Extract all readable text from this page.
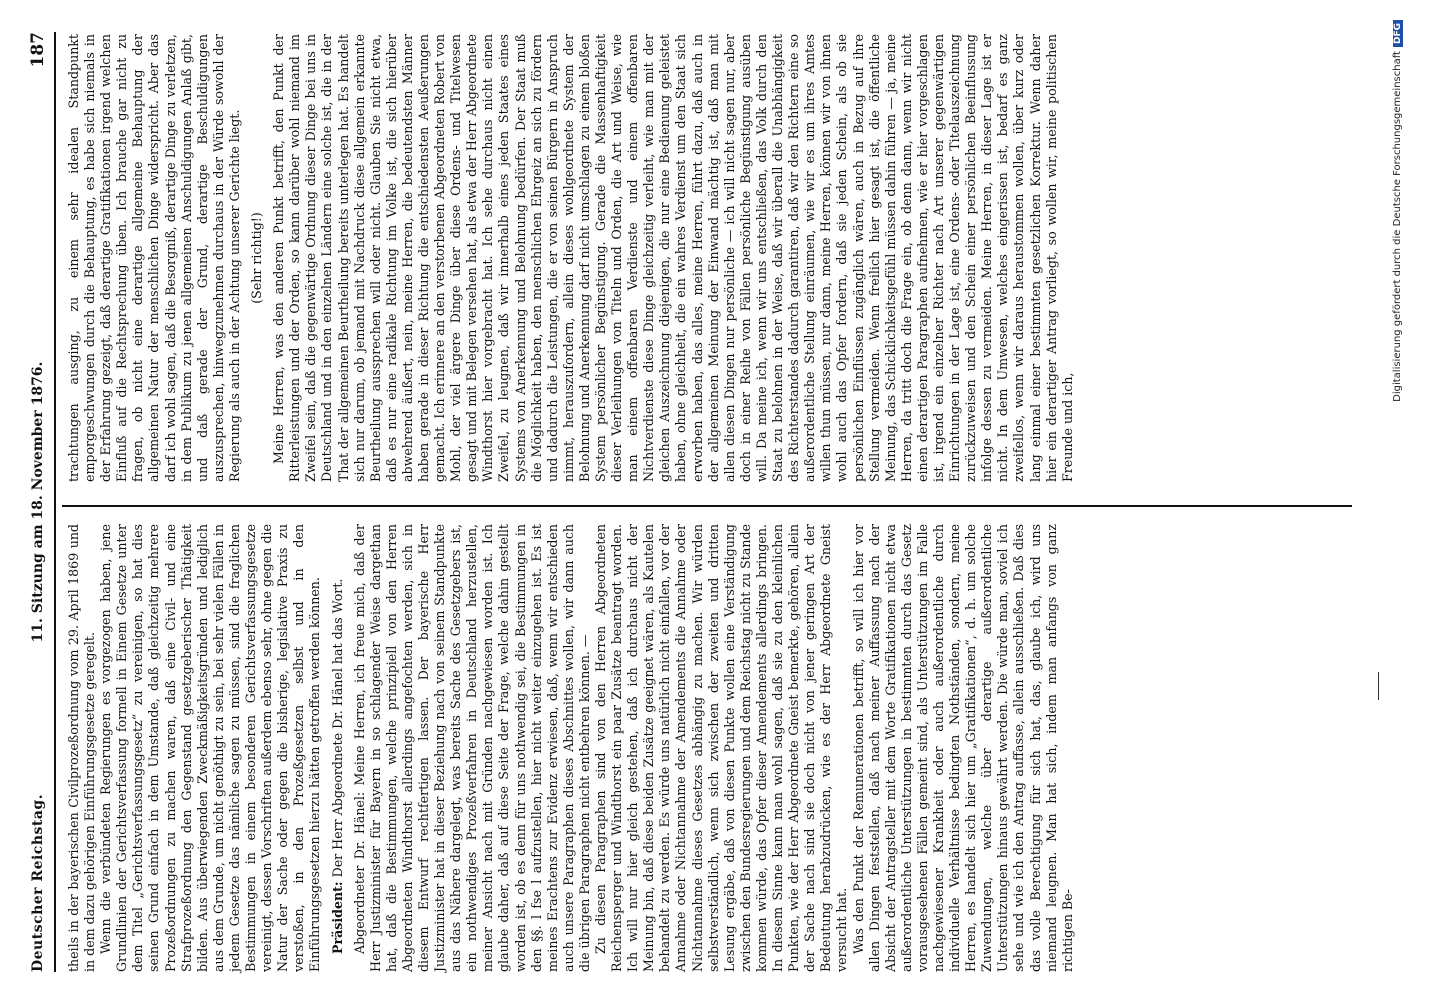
Deutscher Reichstag.
11. Sitzung am 18. November 1876.
187

theils in der bayerischen Civilprozeßordnung vom 29. April 1869 und in dem dazu gehörigen Einführungsgesetze geregelt. Wenn die verbündeten Regierungen es vorgezogen haben, jene Grundlinien der Gerichtsverfassung formell in Einem Gesetze unter dem Titel „Gerichtsverfassungsgesetz“ zu vereinigen, so hat dies seinen Grund einfach in dem Umstande, daß gleichzeitig mehrere Prozeßordnungen zu machen waren, daß eine Civil- und eine Strafprozeßordnung den Gegenstand gesetzgeberischer Thätigkeit bilden. Aus überwiegenden Zweckmäßigkeitsgründen und lediglich aus dem Grunde, um nicht genöthigt zu sein, bei sehr vielen Fällen in jedem Gesetze das nämliche sagen zu müssen, sind die fraglichen Bestimmungen in einem besonderen Gerichtsverfassungsgesetze vereinigt, dessen Vorschriften außerdem ebenso sehr, ohne gegen die Natur der Sache oder gegen die bisherige, legislative Praxis zu verstoßen, in den Prozeßgesetzen selbst und in den Einführungsgesetzen hierzu hätten getroffen werden können. Präsident: Der Herr Abgeordnete Dr. Hänel hat das Wort. Abgeordneter Dr. Hänel: Meine Herren, ich freue mich, daß der Herr Justizminister für Bayern in so schlagender Weise dargethan hat, daß die Bestimmungen, welche prinzipiell von den Herren Abgeordneten Windthorst allerdings angefochten werden, sich in diesem Entwurf rechtfertigen lassen. Der bayerische Herr Justizminister hat in dieser Beziehung nach von seinem Standpunkte aus das Nähere dargelegt, was bereits Sache des Gesetzgebers ist, ein nothwendiges Prozeßverfahren in Deutschland herzustellen, meiner Ansicht nach mit Gründen nachgewiesen worden ist. Ich glaube daher, daß auf diese Seite der Frage, welche dahin gestellt worden ist, ob es denn für uns nothwendig sei, die Bestimmungen in den §§. l fse l aufzustellen, hier nicht weiter einzugehen ist. Es ist meines Erachtens zur Evidenz erwiesen, daß, wenn wir entschieden auch unsere Paragraphen dieses Abschnittes wollen, wir dann auch die übrigen Paragraphen nicht entbehren können. — Zu diesen Paragraphen sind von den Herren Abgeordneten Reichensperger und Windthorst ein paar Zusätze beantragt worden. Ich will nur hier gleich gestehen, daß ich durchaus nicht der Meinung bin, daß diese beiden Zusätze geeignet wären, als Kautelen behandelt zu werden. Es würde uns natürlich nicht einfallen, vor der Annahme oder Nichtannahme der Amendements die Annahme oder Nichtannahme dieses Gesetzes abhängig zu machen. Wir würden selbstverständlich, wenn sich zwischen der zweiten und dritten Lesung ergäbe, daß von diesen Punkte wollen eine Verständigung zwischen den Bundesregierungen und dem Reichstag nicht zu Stande kommen würde, das Opfer dieser Amendements allerdings bringen. In diesem Sinne kann man wohl sagen, daß sie zu den kleinlichen Punkten, wie der Herr Abgeordnete Gneist bemerkte, gehören, allein der Sache nach sind sie doch nicht von jener geringen Art der Bedeutung herabzudrücken, wie es der Herr Abgeordnete Gneist versucht hat. Was den Punkt der Remunerationen betrifft, so will ich hier vor allen Dingen feststellen, daß nach meiner Auffassung nach der Absicht der Antragsteller mit dem Worte Gratifikationen nicht etwa außerordentliche Unterstützungen in bestimmten durch das Gesetz vorausgesehenen Fällen gemeint sind, als Unterstützungen im Falle nachgewiesener Krankheit oder auch außerordentliche durch individuelle Verhältnisse bedingten Nothständen, sondern, meine Herren, es handelt sich hier um „Gratifikationen“, d. h. um solche Zuwendungen, welche über derartige außerordentliche Unterstützungen hinaus gewährt werden. Die würde man, soviel ich sehe und wie ich den Antrag auffasse, allein ausschließen. Daß dies das volle Berechtigung für sich hat, das, glaube ich, wird uns niemand leugnen. Man hat sich, indem man anfangs von ganz richtigen Be-

trachtungen ausging, zu einem sehr idealen Standpunkt emporgeschwungen durch die Behauptung, es habe sich niemals in der Erfahrung gezeigt, daß derartige Gratifikationen irgend welchen Einfluß auf die Rechtsprechung üben. Ich brauche gar nicht zu fragen, ob nicht eine derartige allgemeine Behauptung der allgemeinen Natur der menschlichen Dinge widerspricht. Aber das darf ich wohl sagen, daß die Besorgniß, derartige Dinge zu verletzen, in dem Publikum zu jenen allgemeinen Anschuldigungen Anlaß gibt, und daß gerade der Grund, derartige Beschuldigungen auszusprechen, hinwegzunehmen durchaus in der Würde sowohl der Regierung als auch in der Achtung unserer Gerichte liegt. (Sehr richtig!) Meine Herren, was den anderen Punkt betrifft, den Punkt der Ritterleistungen und der Orden, so kann darüber wohl niemand im Zweifel sein, daß die gegenwärtige Ordnung dieser Dinge bei uns in Deutschland und in den einzelnen Ländern eine solche ist, die in der That der allgemeinen Beurtheilung bereits unterlegen hat. Es handelt sich nur darum, ob jemand mit Nachdruck diese allgemein erkannte Beurtheilung aussprechen will oder nicht. Glauben Sie nicht etwa, daß es nur eine radikale Richtung im Volke ist, die sich hierüber abwehrend äußert, nein, meine Herren, die bedeutendsten Männer haben gerade in dieser Richtung die entschiedensten Aeußerungen gemacht. Ich erinnere an den verstorbenen Abgeordneten Robert von Mohl, der viel ärgere Dinge über diese Ordens- und Titelwesen gesagt und mit Belegen versehen hat, als etwa der Herr Abgeordnete Windthorst hier vorgebracht hat. Ich sehe durchaus nicht einen Zweifel, zu leugnen, daß wir innerhalb eines jeden Staates eines Systems von Anerkennung und Belohnung bedürfen. Der Staat muß die Möglichkeit haben, den menschlichen Ehrgeiz an sich zu fördern und dadurch die Leistungen, die er von seinen Bürgern in Anspruch nimmt, herauszufordern, allein dieses wohlgeordnete System der Belohnung und Anerkennung darf nicht umschlagen zu einem bloßen System persönlicher Begünstigung. Gerade die Massenhaftigkeit dieser Verleihungen von Titeln und Orden, die Art und Weise, wie man einem offenbaren Verdienste und einem offenbaren Nichtverdienste diese Dinge gleichzeitig verleiht, wie man mit der gleichen Auszeichnung diejenigen, die nur eine Bedienung geleistet haben, ohne gleichheit, die ein wahres Verdienst um den Staat sich erworben haben, das alles, meine Herren, führt dazu, daß auch in der allgemeinen Meinung der Einwand mächtig ist, daß man mit allen diesen Dingen nur persönliche — ich will nicht sagen nur, aber doch in einer Reihe von Fällen persönliche Begünstigung ausüben will. Da meine ich, wenn wir uns entschließen, das Volk durch den Staat zu belohnen in der Weise, daß wir überall die Unabhängigkeit des Richterstandes dadurch garantiren, daß wir den Richtern eine so außerordentliche Stellung einräumen, wie wir es um ihres Amtes willen thun müssen, nur dann, meine Herren, können wir von ihnen wohl auch das Opfer fordern, daß sie jeden Schein, als ob sie persönlichen Einflüssen zugänglich wären, auch in Bezug auf ihre Stellung vermeiden. Wenn freilich hier gesagt ist, die öffentliche Meinung, das Schicklichkeitsgefühl müssen dahin führen — ja, meine Herren, da tritt doch die Frage ein, ob denn dann, wenn wir nicht einen derartigen Paragraphen aufnehmen, wie er hier vorgeschlagen ist, irgend ein einzelner Richter nach Art unserer gegenwärtigen Einrichtungen in der Lage ist, eine Ordens- oder Titelauszeichnung zurückzuweisen und den Schein einer persönlichen Beeinflussung infolge dessen zu vermeiden. Meine Herren, in dieser Lage ist er nicht. In dem Umwesen, welches eingerissen ist, bedarf es ganz zweifellos, wenn wir daraus heraustommen wollen, über kurz oder lang einmal einer bestimmten gesetzlichen Korrektur. Wenn daher hier ein derartiger Antrag vorliegt, so wollen wir, meine politischen Freunde und ich,

Digitalisierung gefördert durch die Deutsche ForschungsgemeinschaftDFG
